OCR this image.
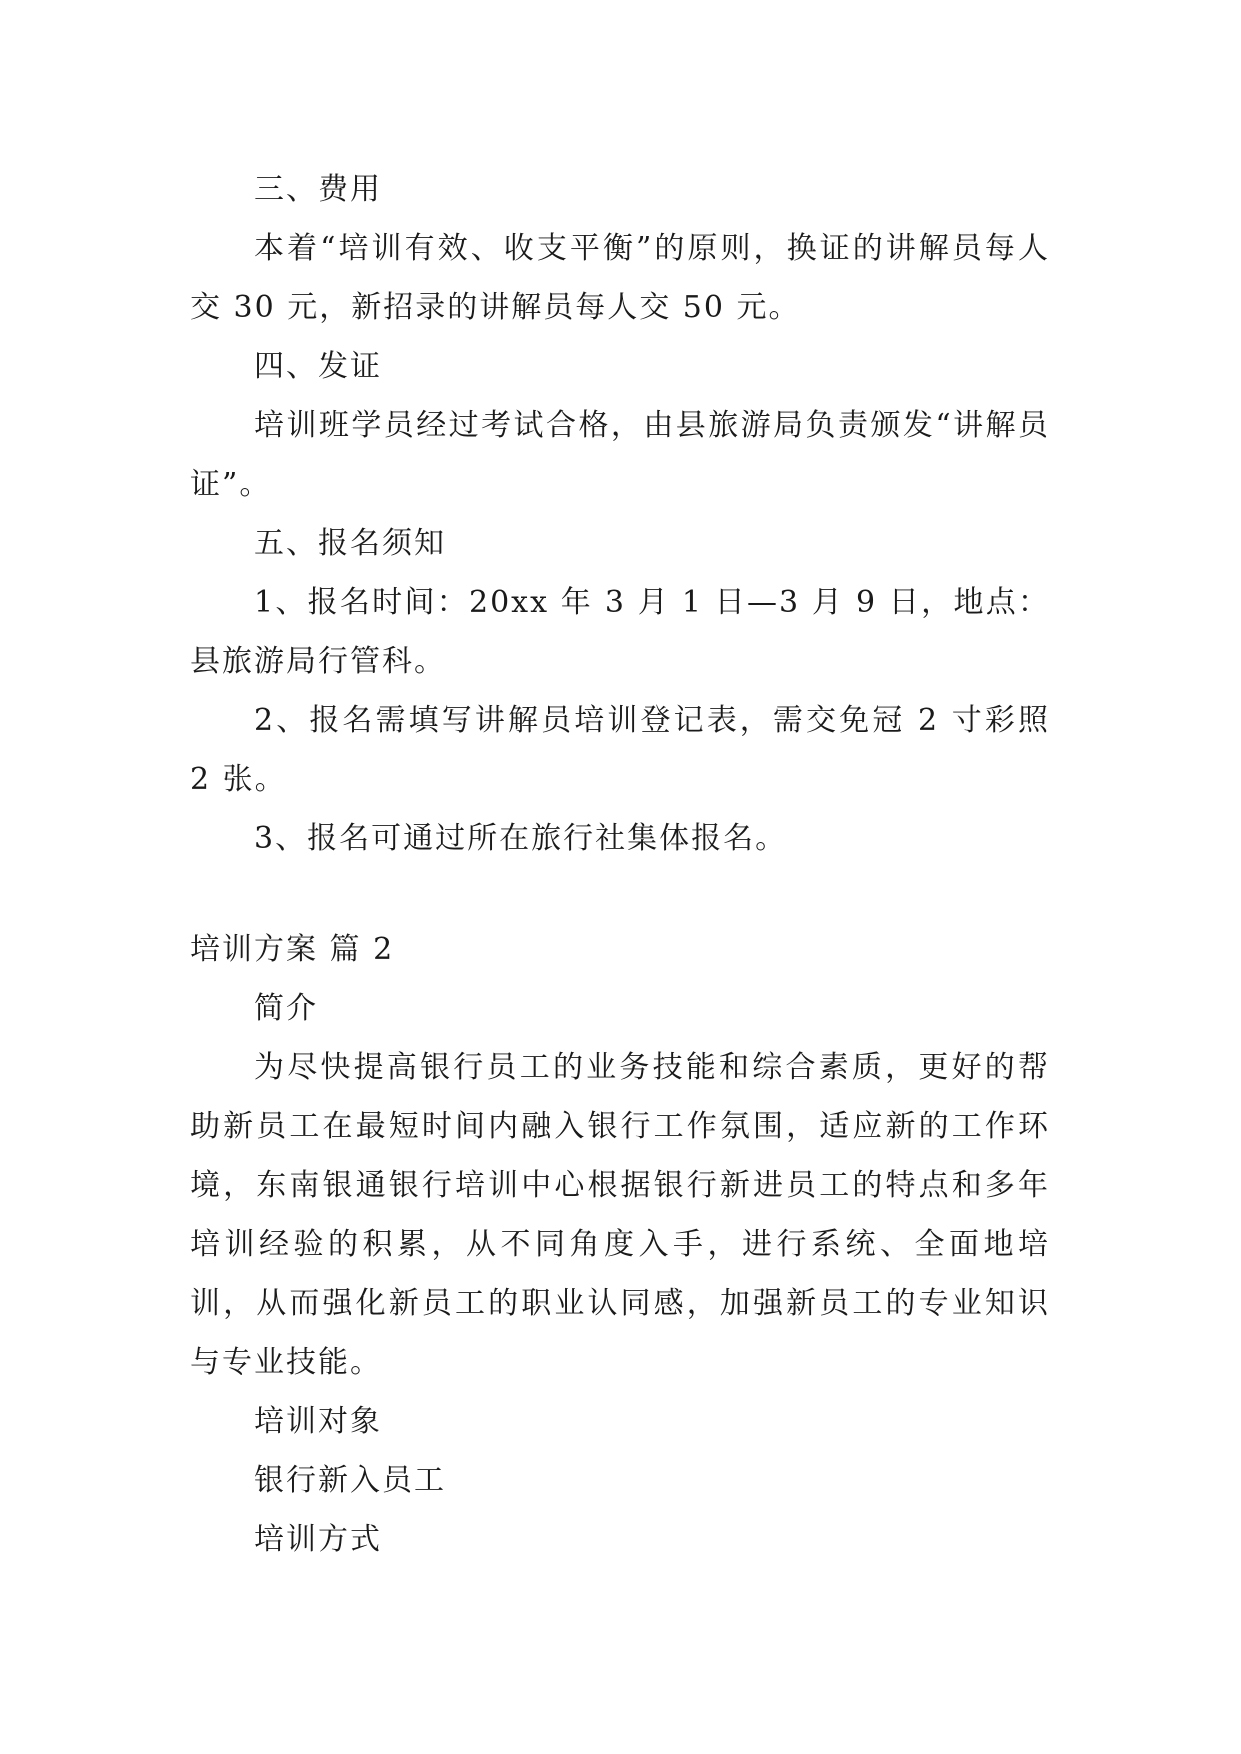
三、费用

本着“培训有效、收支平衡”的原则，换证的讲解员每人交 30 元，新招录的讲解员每人交 50 元。

四、发证

培训班学员经过考试合格，由县旅游局负责颁发“讲解员证”。

五、报名须知

1、报名时间：20xx 年 3 月 1 日—3 月 9 日，地点：县旅游局行管科。

2、报名需填写讲解员培训登记表，需交免冠 2 寸彩照 2 张。

3、报名可通过所在旅行社集体报名。

培训方案 篇 2

简介

为尽快提高银行员工的业务技能和综合素质，更好的帮助新员工在最短时间内融入银行工作氛围，适应新的工作环境，东南银通银行培训中心根据银行新进员工的特点和多年培训经验的积累，从不同角度入手，进行系统、全面地培训，从而强化新员工的职业认同感，加强新员工的专业知识与专业技能。

培训对象

银行新入员工

培训方式
